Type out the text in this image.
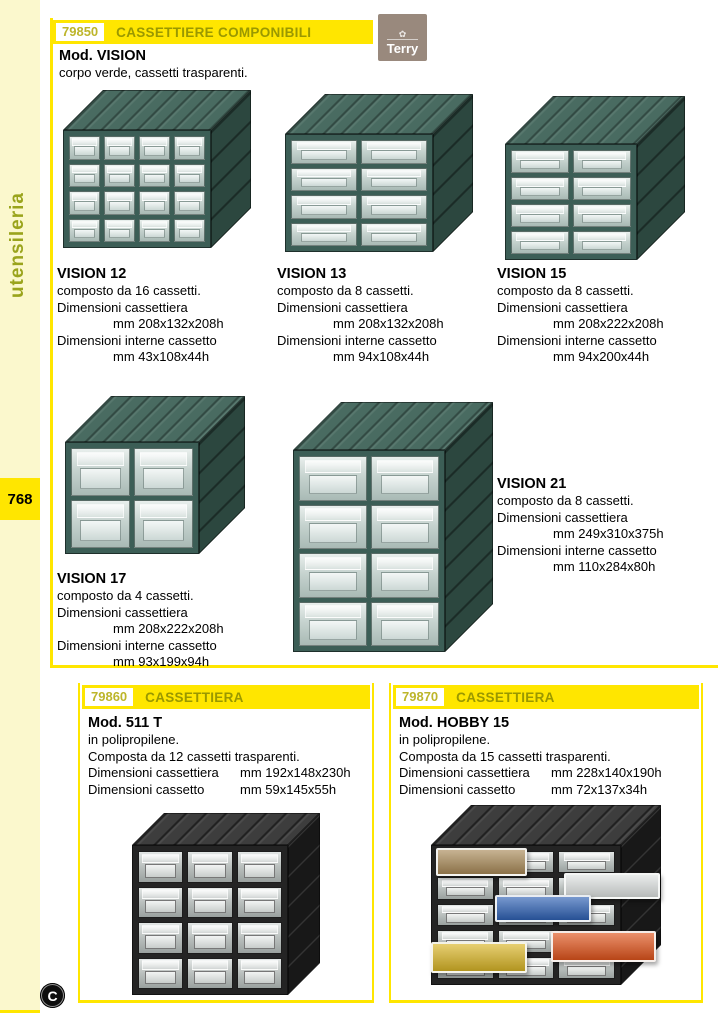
utensileria
768
C
79850	CASSETTIERE COMPONIBILI	✿
Terry
Mod. VISION

corpo verde, cassetti trasparenti.

VISION 12

composto da 16 cassetti.

Dimensioni cassettiera

mm 208x132x208h

Dimensioni interne cassetto

mm 43x108x44h

VISION 13

composto da 8 cassetti.

Dimensioni cassettiera

mm 208x132x208h

Dimensioni interne cassetto

mm 94x108x44h

VISION 15

composto da 8 cassetti.

Dimensioni cassettiera

mm 208x222x208h

Dimensioni interne cassetto

mm 94x200x44h

VISION 17

composto da 4 cassetti.

Dimensioni cassettiera

mm 208x222x208h

Dimensioni interne cassetto

mm 93x199x94h

VISION 21

composto da 8 cassetti.

Dimensioni cassettiera

mm 249x310x375h

Dimensioni interne cassetto

mm 110x284x80h

79860	CASSETTIERA
Mod. 511 T

in polipropilene.

Composta da 12 cassetti trasparenti.

Dimensioni cassettiera mm 192x148x230h

Dimensioni cassetto	mm 59x145x55h

79870	CASSETTIERA
Mod. HOBBY 15

in polipropilene.

Composta da 15 cassetti trasparenti.

Dimensioni cassettiera mm 228x140x190h

Dimensioni cassetto	mm 72x137x34h
